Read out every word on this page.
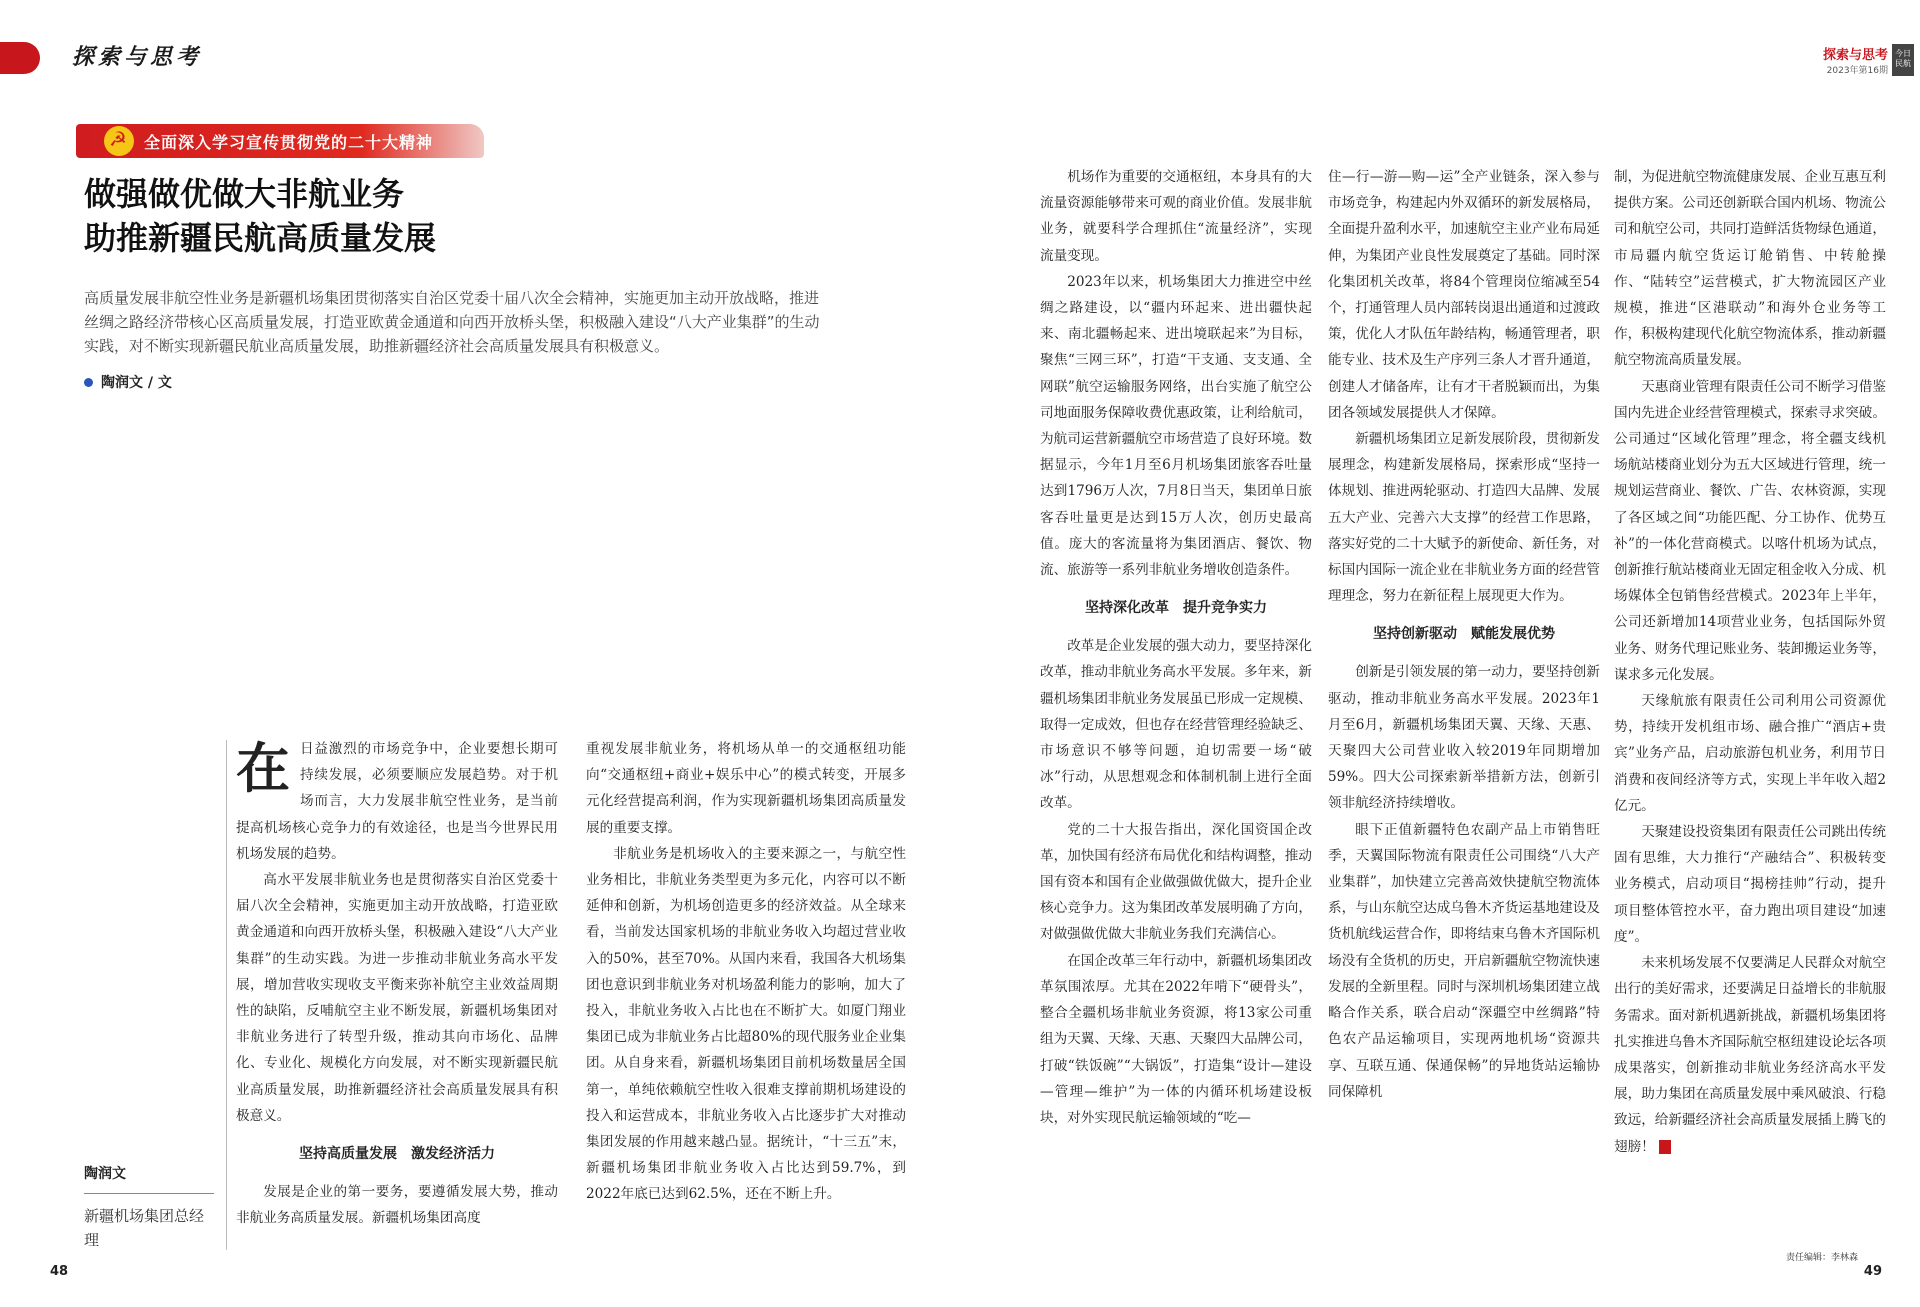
探索与思考
☭
全面深入学习宣传贯彻党的二十大精神
做强做优做大非航业务
助推新疆民航高质量发展
高质量发展非航空性业务是新疆机场集团贯彻落实自治区党委十届八次全会精神，实施更加主动开放战略，推进丝绸之路经济带核心区高质量发展，打造亚欧黄金通道和向西开放桥头堡，积极融入建设“八大产业集群”的生动实践，对不断实现新疆民航业高质量发展，助推新疆经济社会高质量发展具有积极意义。
陶润文 / 文
陶润文
新疆机场集团总经理

在日益激烈的市场竞争中，企业要想长期可持续发展，必须要顺应发展趋势。对于机场而言，大力发展非航空性业务，是当前提高机场核心竞争力的有效途径，也是当今世界民用机场发展的趋势。

高水平发展非航业务也是贯彻落实自治区党委十届八次全会精神，实施更加主动开放战略，打造亚欧黄金通道和向西开放桥头堡，积极融入建设“八大产业集群”的生动实践。为进一步推动非航业务高水平发展，增加营收实现收支平衡来弥补航空主业效益周期性的缺陷，反哺航空主业不断发展，新疆机场集团对非航业务进行了转型升级，推动其向市场化、品牌化、专业化、规模化方向发展，对不断实现新疆民航业高质量发展，助推新疆经济社会高质量发展具有积极意义。

坚持高质量发展　激发经济活力

发展是企业的第一要务，要遵循发展大势，推动非航业务高质量发展。新疆机场集团高度

重视发展非航业务，将机场从单一的交通枢纽功能向“交通枢纽+商业+娱乐中心”的模式转变，开展多元化经营提高利润，作为实现新疆机场集团高质量发展的重要支撑。

非航业务是机场收入的主要来源之一，与航空性业务相比，非航业务类型更为多元化，内容可以不断延伸和创新，为机场创造更多的经济效益。从全球来看，当前发达国家机场的非航业务收入均超过营业收入的50%，甚至70%。从国内来看，我国各大机场集团也意识到非航业务对机场盈利能力的影响，加大了投入，非航业务收入占比也在不断扩大。如厦门翔业集团已成为非航业务占比超80%的现代服务业企业集团。从自身来看，新疆机场集团目前机场数量居全国第一，单纯依赖航空性收入很难支撑前期机场建设的投入和运营成本，非航业务收入占比逐步扩大对推动集团发展的作用越来越凸显。据统计，“十三五”末，新疆机场集团非航业务收入占比达到59.7%，到2022年底已达到62.5%，还在不断上升。

48
探索与思考
2023年第16期
今日民航
49
责任编辑：李林森

机场作为重要的交通枢纽，本身具有的大流量资源能够带来可观的商业价值。发展非航业务，就要科学合理抓住“流量经济”，实现流量变现。

2023年以来，机场集团大力推进空中丝绸之路建设，以“疆内环起来、进出疆快起来、南北疆畅起来、进出境联起来”为目标，聚焦“三网三环”，打造“干支通、支支通、全网联”航空运输服务网络，出台实施了航空公司地面服务保障收费优惠政策，让利给航司，为航司运营新疆航空市场营造了良好环境。数据显示，今年1月至6月机场集团旅客吞吐量达到1796万人次，7月8日当天，集团单日旅客吞吐量更是达到15万人次，创历史最高值。庞大的客流量将为集团酒店、餐饮、物流、旅游等一系列非航业务增收创造条件。

坚持深化改革　提升竞争实力

改革是企业发展的强大动力，要坚持深化改革，推动非航业务高水平发展。多年来，新疆机场集团非航业务发展虽已形成一定规模、取得一定成效，但也存在经营管理经验缺乏、市场意识不够等问题，迫切需要一场“破冰”行动，从思想观念和体制机制上进行全面改革。

党的二十大报告指出，深化国资国企改革，加快国有经济布局优化和结构调整，推动国有资本和国有企业做强做优做大，提升企业核心竞争力。这为集团改革发展明确了方向，对做强做优做大非航业务我们充满信心。

在国企改革三年行动中，新疆机场集团改革氛围浓厚。尤其在2022年啃下“硬骨头”，整合全疆机场非航业务资源，将13家公司重组为天翼、天缘、天惠、天聚四大品牌公司，打破“铁饭碗”“大锅饭”，打造集“设计—建设—管理—维护”为一体的内循环机场建设板块，对外实现民航运输领域的“吃—

住—行—游—购—运”全产业链条，深入参与市场竞争，构建起内外双循环的新发展格局，全面提升盈利水平，加速航空主业产业布局延伸，为集团产业良性发展奠定了基础。同时深化集团机关改革，将84个管理岗位缩减至54个，打通管理人员内部转岗退出通道和过渡政策，优化人才队伍年龄结构，畅通管理者，职能专业、技术及生产序列三条人才晋升通道，创建人才储备库，让有才干者脱颖而出，为集团各领域发展提供人才保障。

新疆机场集团立足新发展阶段，贯彻新发展理念，构建新发展格局，探索形成“坚持一体规划、推进两轮驱动、打造四大品牌、发展五大产业、完善六大支撑”的经营工作思路，落实好党的二十大赋予的新使命、新任务，对标国内国际一流企业在非航业务方面的经营管理理念，努力在新征程上展现更大作为。

坚持创新驱动　赋能发展优势

创新是引领发展的第一动力，要坚持创新驱动，推动非航业务高水平发展。2023年1月至6月，新疆机场集团天翼、天缘、天惠、天聚四大公司营业收入较2019年同期增加59%。四大公司探索新举措新方法，创新引领非航经济持续增收。

眼下正值新疆特色农副产品上市销售旺季，天翼国际物流有限责任公司围绕“八大产业集群”，加快建立完善高效快捷航空物流体系，与山东航空达成乌鲁木齐货运基地建设及货机航线运营合作，即将结束乌鲁木齐国际机场没有全货机的历史，开启新疆航空物流快速发展的全新里程。同时与深圳机场集团建立战略合作关系，联合启动“深疆空中丝绸路”特色农产品运输项目，实现两地机场“资源共享、互联互通、保通保畅”的异地货站运输协同保障机

制，为促进航空物流健康发展、企业互惠互利提供方案。公司还创新联合国内机场、物流公司和航空公司，共同打造鲜活货物绿色通道，市局疆内航空货运订舱销售、中转舱操作、“陆转空”运营模式，扩大物流园区产业规模，推进“区港联动”和海外仓业务等工作，积极构建现代化航空物流体系，推动新疆航空物流高质量发展。

天惠商业管理有限责任公司不断学习借鉴国内先进企业经营管理模式，探索寻求突破。公司通过“区域化管理”理念，将全疆支线机场航站楼商业划分为五大区域进行管理，统一规划运营商业、餐饮、广告、农林资源，实现了各区域之间“功能匹配、分工协作、优势互补”的一体化营商模式。以喀什机场为试点，创新推行航站楼商业无固定租金收入分成、机场媒体全包销售经营模式。2023年上半年，公司还新增加14项营业业务，包括国际外贸业务、财务代理记账业务、装卸搬运业务等，谋求多元化发展。

天缘航旅有限责任公司利用公司资源优势，持续开发机组市场、融合推广“酒店+贵宾”业务产品，启动旅游包机业务，利用节日消费和夜间经济等方式，实现上半年收入超2亿元。

天聚建设投资集团有限责任公司跳出传统固有思维，大力推行“产融结合”、积极转变业务模式，启动项目“揭榜挂帅”行动，提升项目整体管控水平，奋力跑出项目建设“加速度”。

未来机场发展不仅要满足人民群众对航空出行的美好需求，还要满足日益增长的非航服务需求。面对新机遇新挑战，新疆机场集团将扎实推进乌鲁木齐国际航空枢纽建设论坛各项成果落实，创新推动非航业务经济高水平发展，助力集团在高质量发展中乘风破浪、行稳致远，给新疆经济社会高质量发展插上腾飞的翅膀！
